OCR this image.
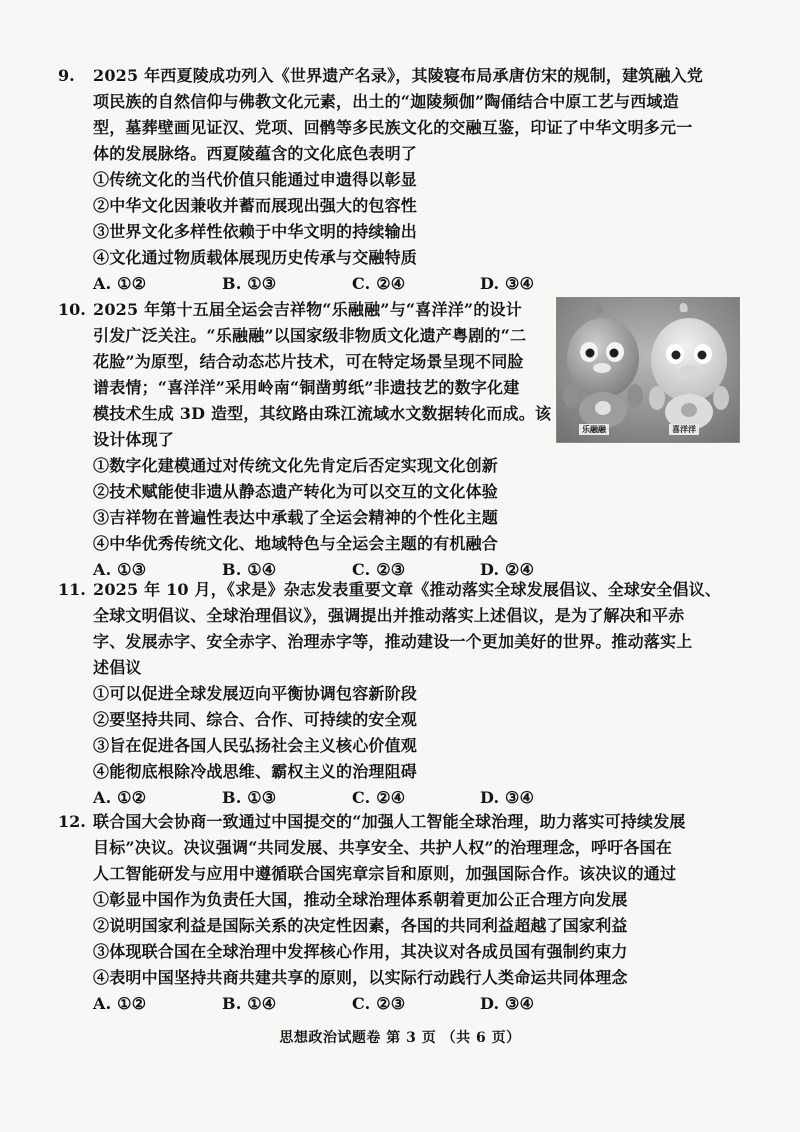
9. 2025 年西夏陵成功列入《世界遗产名录》，其陵寝布局承唐仿宋的规制，建筑融入党
项民族的自然信仰与佛教文化元素，出土的“迦陵频伽”陶俑结合中原工艺与西域造
型，墓葬壁画见证汉、党项、回鹘等多民族文化的交融互鉴，印证了中华文明多元一
体的发展脉络。西夏陵蕴含的文化底色表明了
①传统文化的当代价值只能通过申遗得以彰显
②中华文化因兼收并蓄而展现出强大的包容性
③世界文化多样性依赖于中华文明的持续输出
④文化通过物质载体展现历史传承与交融特质
A. ①②	B. ①③	C. ②④	D. ③④
10. 2025 年第十五届全运会吉祥物“乐融融”与“喜洋洋”的设计
引发广泛关注。“乐融融”以国家级非物质文化遗产粤剧的“二
花脸”为原型，结合动态芯片技术，可在特定场景呈现不同脸
谱表情；“喜洋洋”采用岭南“铜凿剪纸”非遗技艺的数字化建
模技术生成 3D 造型，其纹路由珠江流域水文数据转化而成。该
设计体现了
①数字化建模通过对传统文化先肯定后否定实现文化创新
②技术赋能使非遗从静态遗产转化为可以交互的文化体验
③吉祥物在普遍性表达中承载了全运会精神的个性化主题
④中华优秀传统文化、地域特色与全运会主题的有机融合
A. ①③	B. ①④	C. ②③	D. ②④
乐融融	喜洋洋
11. 2025 年 10 月，《求是》杂志发表重要文章《推动落实全球发展倡议、全球安全倡议、
全球文明倡议、全球治理倡议》，强调提出并推动落实上述倡议，是为了解决和平赤
字、发展赤字、安全赤字、治理赤字等，推动建设一个更加美好的世界。推动落实上
述倡议
①可以促进全球发展迈向平衡协调包容新阶段
②要坚持共同、综合、合作、可持续的安全观
③旨在促进各国人民弘扬社会主义核心价值观
④能彻底根除冷战思维、霸权主义的治理阻碍
A. ①②	B. ①③	C. ②④	D. ③④
12. 联合国大会协商一致通过中国提交的“加强人工智能全球治理，助力落实可持续发展
目标”决议。决议强调“共同发展、共享安全、共护人权”的治理理念，呼吁各国在
人工智能研发与应用中遵循联合国宪章宗旨和原则，加强国际合作。该决议的通过
①彰显中国作为负责任大国，推动全球治理体系朝着更加公正合理方向发展
②说明国家利益是国际关系的决定性因素，各国的共同利益超越了国家利益
③体现联合国在全球治理中发挥核心作用，其决议对各成员国有强制约束力
④表明中国坚持共商共建共享的原则，以实际行动践行人类命运共同体理念
A. ①②	B. ①④	C. ②③	D. ③④
思想政治试题卷 第 3 页 （共 6 页）
